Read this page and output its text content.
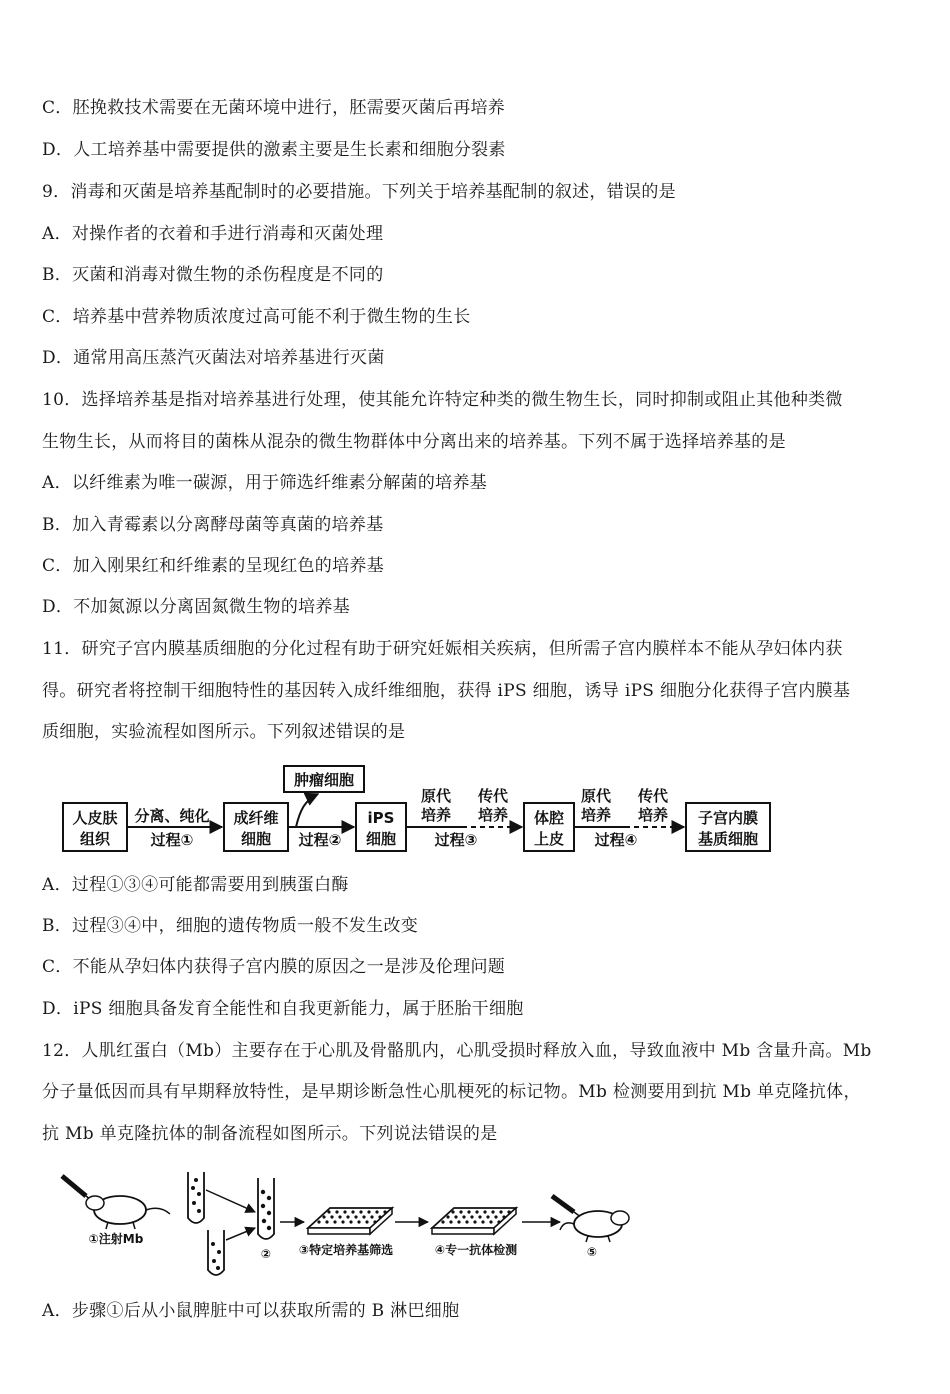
C．胚挽救技术需要在无菌环境中进行，胚需要灭菌后再培养
D．人工培养基中需要提供的激素主要是生长素和细胞分裂素
9．消毒和灭菌是培养基配制时的必要措施。下列关于培养基配制的叙述，错误的是
A．对操作者的衣着和手进行消毒和灭菌处理
B．灭菌和消毒对微生物的杀伤程度是不同的
C．培养基中营养物质浓度过高可能不利于微生物的生长
D．通常用高压蒸汽灭菌法对培养基进行灭菌
10．选择培养基是指对培养基进行处理，使其能允许特定种类的微生物生长，同时抑制或阻止其他种类微
生物生长，从而将目的菌株从混杂的微生物群体中分离出来的培养基。下列不属于选择培养基的是
A．以纤维素为唯一碳源，用于筛选纤维素分解菌的培养基
B．加入青霉素以分离酵母菌等真菌的培养基
C．加入刚果红和纤维素的呈现红色的培养基
D．不加氮源以分离固氮微生物的培养基
11．研究子宫内膜基质细胞的分化过程有助于研究妊娠相关疾病，但所需子宫内膜样本不能从孕妇体内获
得。研究者将控制干细胞特性的基因转入成纤维细胞，获得 iPS 细胞，诱导 iPS 细胞分化获得子宫内膜基
质细胞，实验流程如图所示。下列叙述错误的是
A．过程①③④可能都需要用到胰蛋白酶
B．过程③④中，细胞的遗传物质一般不发生改变
C．不能从孕妇体内获得子宫内膜的原因之一是涉及伦理问题
D．iPS 细胞具备发育全能性和自我更新能力，属于胚胎干细胞
12．人肌红蛋白（Mb）主要存在于心肌及骨骼肌内，心肌受损时释放入血，导致血液中 Mb 含量升高。Mb
分子量低因而具有早期释放特性，是早期诊断急性心肌梗死的标记物。Mb 检测要用到抗 Mb 单克隆抗体，
抗 Mb 单克隆抗体的制备流程如图所示。下列说法错误的是
A．步骤①后从小鼠脾脏中可以获取所需的 B 淋巴细胞
人皮肤
组织
分离、纯化
过程①
成纤维
细胞
肿瘤细胞
过程②
iPS
细胞
原代
培养
传代
培养
过程③
体腔
上皮
原代
培养
传代
培养
过程④
子宫内膜
基质细胞
①注射Mb
② ③特定培养基筛选	④专一抗体检测	⑤
